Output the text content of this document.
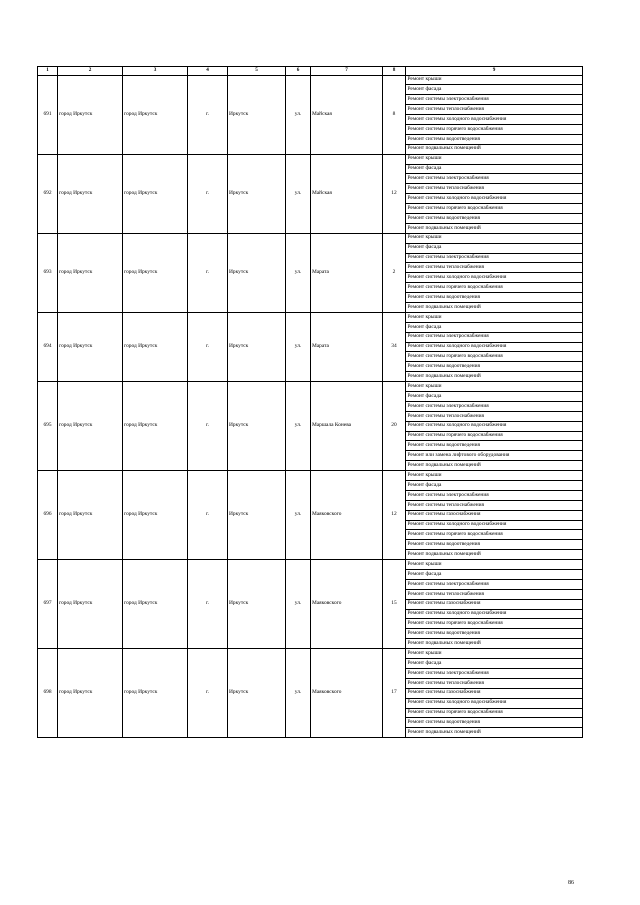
1	2	3	4	5	6	7	8	9
691	город Иркутск	город Иркутск	г.	Иркутск	ул.	Майская	8	Ремонт крыши
								Ремонт фасада
								Ремонт системы электроснабжения
								Ремонт системы теплоснабжения
								Ремонт системы холодного водоснабжения
								Ремонт системы горячего водоснабжения
								Ремонт системы водоотведения
								Ремонт подвальных помещений
692	город Иркутск	город Иркутск	г.	Иркутск	ул.	Майская	12	Ремонт крыши
								Ремонт фасада
								Ремонт системы электроснабжения
								Ремонт системы теплоснабжения
								Ремонт системы холодного водоснабжения
								Ремонт системы горячего водоснабжения
								Ремонт системы водоотведения
								Ремонт подвальных помещений
693	город Иркутск	город Иркутск	г.	Иркутск	ул.	Марата	2	Ремонт крыши
								Ремонт фасада
								Ремонт системы электроснабжения
								Ремонт системы теплоснабжения
								Ремонт системы холодного водоснабжения
								Ремонт системы горячего водоснабжения
								Ремонт системы водоотведения
								Ремонт подвальных помещений
694	город Иркутск	город Иркутск	г.	Иркутск	ул.	Марата	34	Ремонт крыши
								Ремонт фасада
								Ремонт системы электроснабжения
								Ремонт системы холодного водоснабжения
								Ремонт системы горячего водоснабжения
								Ремонт системы водоотведения
								Ремонт подвальных помещений
695	город Иркутск	город Иркутск	г.	Иркутск	ул.	Маршала Конева	20	Ремонт крыши
								Ремонт фасада
								Ремонт системы электроснабжения
								Ремонт системы теплоснабжения
								Ремонт системы холодного водоснабжения
								Ремонт системы горячего водоснабжения
								Ремонт системы водоотведения
								Ремонт или замена лифтового оборудования
								Ремонт подвальных помещений
696	город Иркутск	город Иркутск	г.	Иркутск	ул.	Маяковского	12	Ремонт крыши
								Ремонт фасада
								Ремонт системы электроснабжения
								Ремонт системы теплоснабжения
								Ремонт системы газоснабжения
								Ремонт системы холодного водоснабжения
								Ремонт системы горячего водоснабжения
								Ремонт системы водоотведения
								Ремонт подвальных помещений
697	город Иркутск	город Иркутск	г.	Иркутск	ул.	Маяковского	15	Ремонт крыши
								Ремонт фасада
								Ремонт системы электроснабжения
								Ремонт системы теплоснабжения
								Ремонт системы газоснабжения
								Ремонт системы холодного водоснабжения
								Ремонт системы горячего водоснабжения
								Ремонт системы водоотведения
								Ремонт подвальных помещений
698	город Иркутск	город Иркутск	г.	Иркутск	ул.	Маяковского	17	Ремонт крыши
								Ремонт фасада
								Ремонт системы электроснабжения
								Ремонт системы теплоснабжения
								Ремонт системы газоснабжения
								Ремонт системы холодного водоснабжения
								Ремонт системы горячего водоснабжения
								Ремонт системы водоотведения
								Ремонт подвальных помещений
86
